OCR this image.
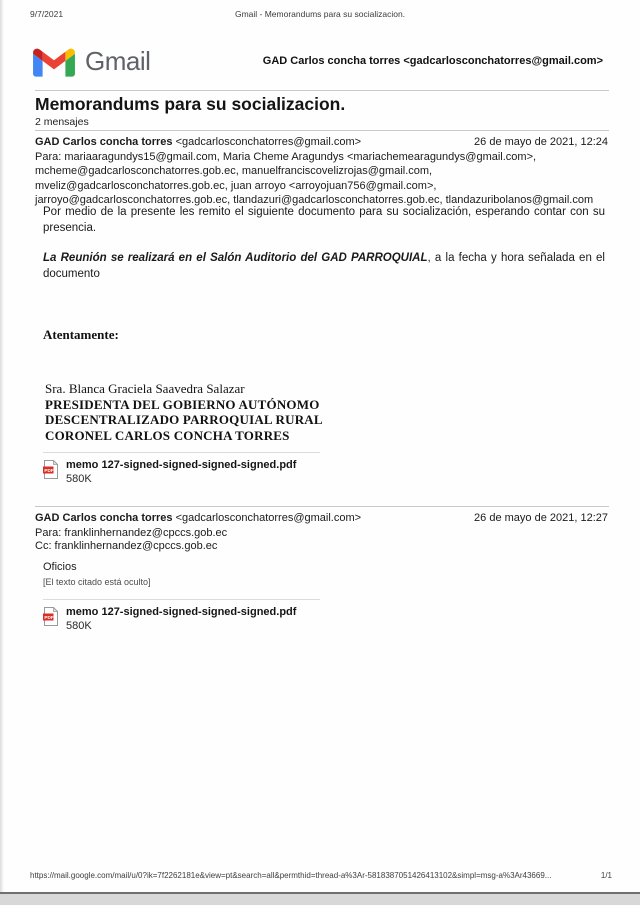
9/7/2021	Gmail - Memorandums para su socializacion.
Gmail	GAD Carlos concha torres <gadcarlosconchatorres@gmail.com>
Memorandums para su socializacion.
2 mensajes
GAD Carlos concha torres <gadcarlosconchatorres@gmail.com>	26 de mayo de 2021, 12:24
Para: mariaaragundys15@gmail.com, Maria Cheme Aragundys <mariachemearagundys@gmail.com>, mcheme@gadcarlosconchatorres.gob.ec, manuelfranciscovelizrojas@gmail.com, mveliz@gadcarlosconchatorres.gob.ec, juan arroyo <arroyojuan756@gmail.com>, jarroyo@gadcarlosconchatorres.gob.ec, tlandazuri@gadcarlosconchatorres.gob.ec, tlandazuribolanos@gmail.com
Por medio de la presente les remito el siguiente documento para su socialización, esperando contar con su presencia.
La Reunión se realizará en el Salón Auditorio del GAD PARROQUIAL, a la fecha y hora señalada en el documento
Atentamente:
Sra. Blanca Graciela Saavedra Salazar
PRESIDENTA DEL GOBIERNO AUTÓNOMO
DESCENTRALIZADO PARROQUIAL RURAL
CORONEL CARLOS CONCHA TORRES
PDF memo 127-signed-signed-signed-signed.pdf
580K
GAD Carlos concha torres <gadcarlosconchatorres@gmail.com>	26 de mayo de 2021, 12:27
Para: franklinhernandez@cpccs.gob.ec
Cc: franklinhernandez@cpccs.gob.ec
Oficios
[El texto citado está oculto]
PDF memo 127-signed-signed-signed-signed.pdf
580K
https://mail.google.com/mail/u/0?ik=7f2262181e&view=pt&search=all&permthid=thread-a%3Ar-5818387051426413102&simpl=msg-a%3Ar43669...	1/1
